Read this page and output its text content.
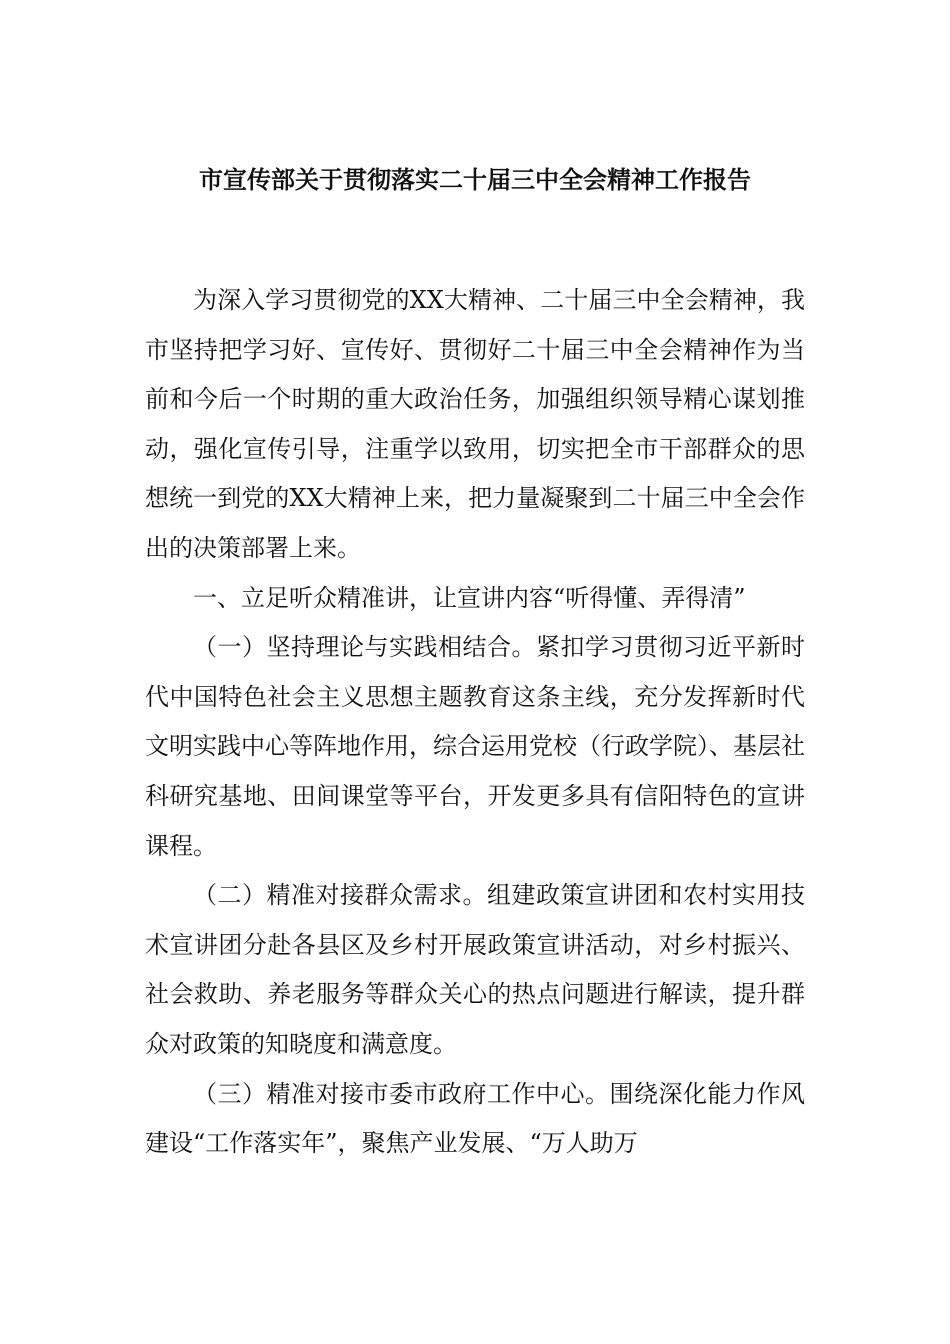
市宣传部关于贯彻落实二十届三中全会精神工作报告

为深入学习贯彻党的XX大精神、二十届三中全会精神，我市坚持把学习好、宣传好、贯彻好二十届三中全会精神作为当前和今后一个时期的重大政治任务，加强组织领导精心谋划推动，强化宣传引导，注重学以致用，切实把全市干部群众的思想统一到党的XX大精神上来，把力量凝聚到二十届三中全会作出的决策部署上来。

一、立足听众精准讲，让宣讲内容“听得懂、弄得清”

（一）坚持理论与实践相结合。紧扣学习贯彻习近平新时代中国特色社会主义思想主题教育这条主线，充分发挥新时代文明实践中心等阵地作用，综合运用党校（行政学院）、基层社科研究基地、田间课堂等平台，开发更多具有信阳特色的宣讲课程。

（二）精准对接群众需求。组建政策宣讲团和农村实用技术宣讲团分赴各县区及乡村开展政策宣讲活动，对乡村振兴、社会救助、养老服务等群众关心的热点问题进行解读，提升群众对政策的知晓度和满意度。

（三）精准对接市委市政府工作中心。围绕深化能力作风建设“工作落实年”，聚焦产业发展、“万人助万
